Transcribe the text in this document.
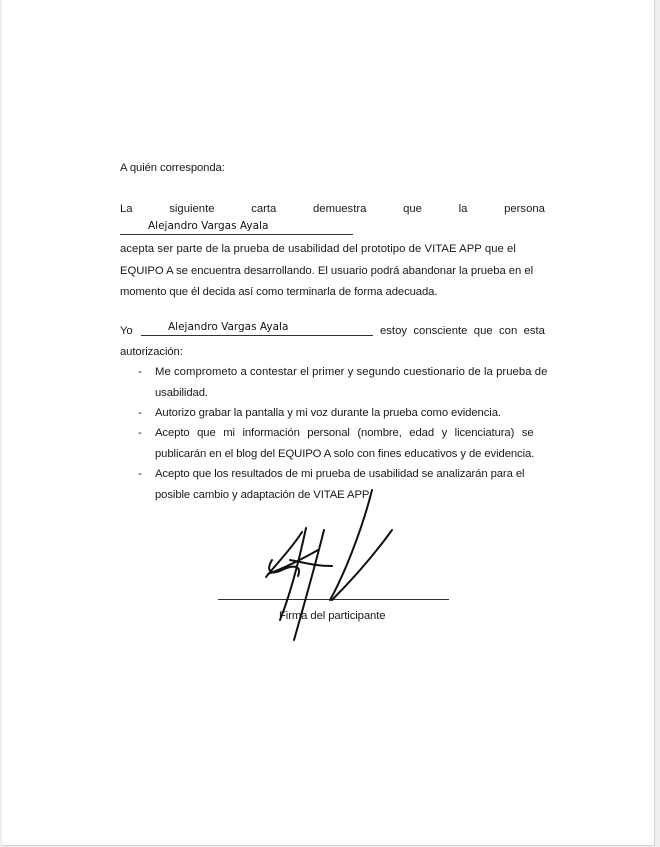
A quién corresponda:
La	siguiente	carta	demuestra	que	la	persona
Alejandro Vargas Ayala
acepta ser parte de la prueba de usabilidad del prototipo de VITAE APP que el
EQUIPO A se encuentra desarrollando. El usuario podrá abandonar la prueba en el
momento que él decida así como terminarla de forma adecuada.
Yo	Alejandro Vargas Ayala	estoy consciente que con esta
autorización:
- Me comprometo a contestar el primer y segundo cuestionario de la prueba de
usabilidad.
- Autorizo grabar la pantalla y mi voz durante la prueba como evidencia.
- Acepto que mi información personal (nombre, edad y licenciatura) se
publicarán en el blog del EQUIPO A solo con fines educativos y de evidencia.
- Acepto que los resultados de mi prueba de usabilidad se analizarán para el
posible cambio y adaptación de VITAE APP.
Firma del participante
